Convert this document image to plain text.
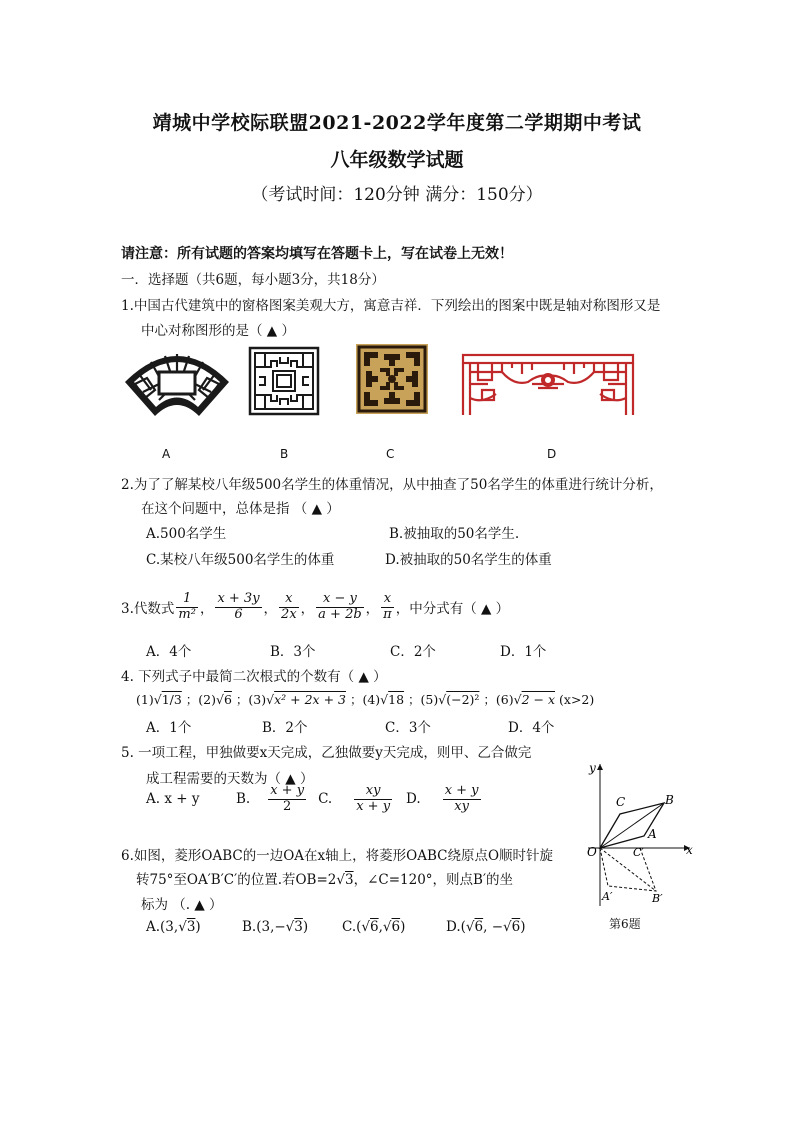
靖城中学校际联盟2021-2022学年度第二学期期中考试
八年级数学试题
（考试时间：120分钟 满分：150分）
请注意：所有试题的答案均填写在答题卡上，写在试卷上无效！
一．选择题（共6题，每小题3分，共18分）
1.中国古代建筑中的窗格图案美观大方，寓意吉祥．下列绘出的图案中既是轴对称图形又是
中心对称图形的是（ ▲ ）
A	B	C	D
2.为了了解某校八年级500名学生的体重情况，从中抽查了50名学生的体重进行统计分析，
在这个问题中，总体是指 （ ▲ ）
A.500名学生	B.被抽取的50名学生.
C.某校八年级500名学生的体重	D.被抽取的50名学生的体重
3.代数式 $\frac{1}{\text{m²}}$ ， $\frac{x + 3y}{6}$ ， $\frac{x}{2x}$ ， $\frac{x - y}{a + 2b}$ ， $\frac{x}{\pi}$ ，中分式有（ ▲ ）
A．4个	B．3个	C．2个	D．1个
4. 下列式子中最简二次根式的个数有（ ▲ ）
(1)√1/3 ；(2)√6 ；(3)√x² + 2x + 3 ；(4)√18 ；(5)√(−2)² ；(6)√2 − x (x>2)
A．1个	B．2个	C．3个	D．4个
5. 一项工程，甲独做要x天完成，乙独做要y天完成，则甲、乙合做完
成工程需要的天数为（ ▲ ）
A. x + y	B. $\frac{x + y}{2} C$. $\frac{xy}{x + y} D$. $\frac{x + y}{xy}$
6.如图，菱形OABC的一边OA在x轴上，将菱形OABC绕原点O顺时针旋
转75°至OA′B′C′的位置.若OB=2√3，∠C=120°，则点B′的坐
标为 （. ▲ ）
A.(3,√3)	B.(3,−√3)	C.(√6,√6)	D.(√6, −√6)
C	B
A
O	C′	x
y
A′	B′
第6题
